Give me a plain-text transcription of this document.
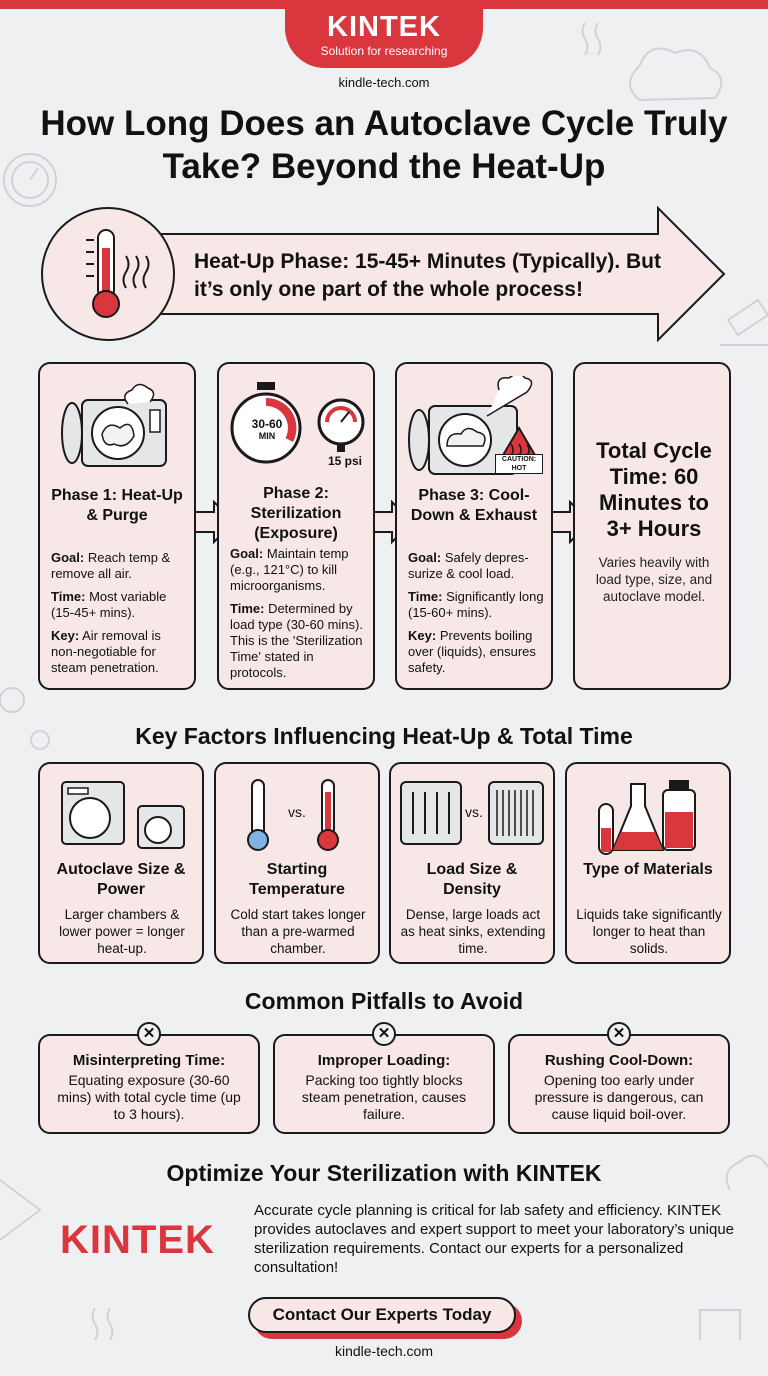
KINTEK
Solution for researching
kindle-tech.com
How Long Does an Autoclave Cycle Truly Take? Beyond the Heat-Up
Heat-Up Phase: 15-45+ Minutes (Typically). But it’s only one part of the whole process!
Phase 1: Heat-Up & Purge
Goal: Reach temp & remove all air.
Time: Most variable (15-45+ mins).
Key: Air removal is non-negotiable for steam penetration.
30-60
MIN
15 psi
Phase 2: Sterilization (Exposure)
Goal: Maintain temp (e.g., 121°C) to kill microorganisms.
Time: Determined by load type (30-60 mins). This is the 'Sterilization Time' stated in protocols.
CAUTION: HOT
Phase 3: Cool-Down & Exhaust
Goal: Safely depres-surize & cool load.
Time: Significantly long (15-60+ mins).
Key: Prevents boiling over (liquids), ensures safety.
Total Cycle Time: 60 Minutes to 3+ Hours
Varies heavily with load type, size, and autoclave model.
Key Factors Influencing Heat-Up & Total Time
Autoclave Size & Power
Larger chambers & lower power = longer heat-up.
vs.
Starting Temperature
Cold start takes longer than a pre-warmed chamber.
vs.
Load Size & Density
Dense, large loads act as heat sinks, extending time.
Type of Materials
Liquids take significantly longer to heat than solids.
Common Pitfalls to Avoid
Misinterpreting Time:
Equating exposure (30-60 mins) with total cycle time (up to 3 hours).
✕
Improper Loading:
Packing too tightly blocks steam penetration, causes failure.
✕
Rushing Cool-Down:
Opening too early under pressure is dangerous, can cause liquid boil-over.
✕
Optimize Your Sterilization with KINTEK
KINTEK
Accurate cycle planning is critical for lab safety and efficiency. KINTEK provides autoclaves and expert support to meet your laboratory’s unique sterilization requirements. Contact our experts for a personalized consultation!
Contact Our Experts Today
kindle-tech.com
